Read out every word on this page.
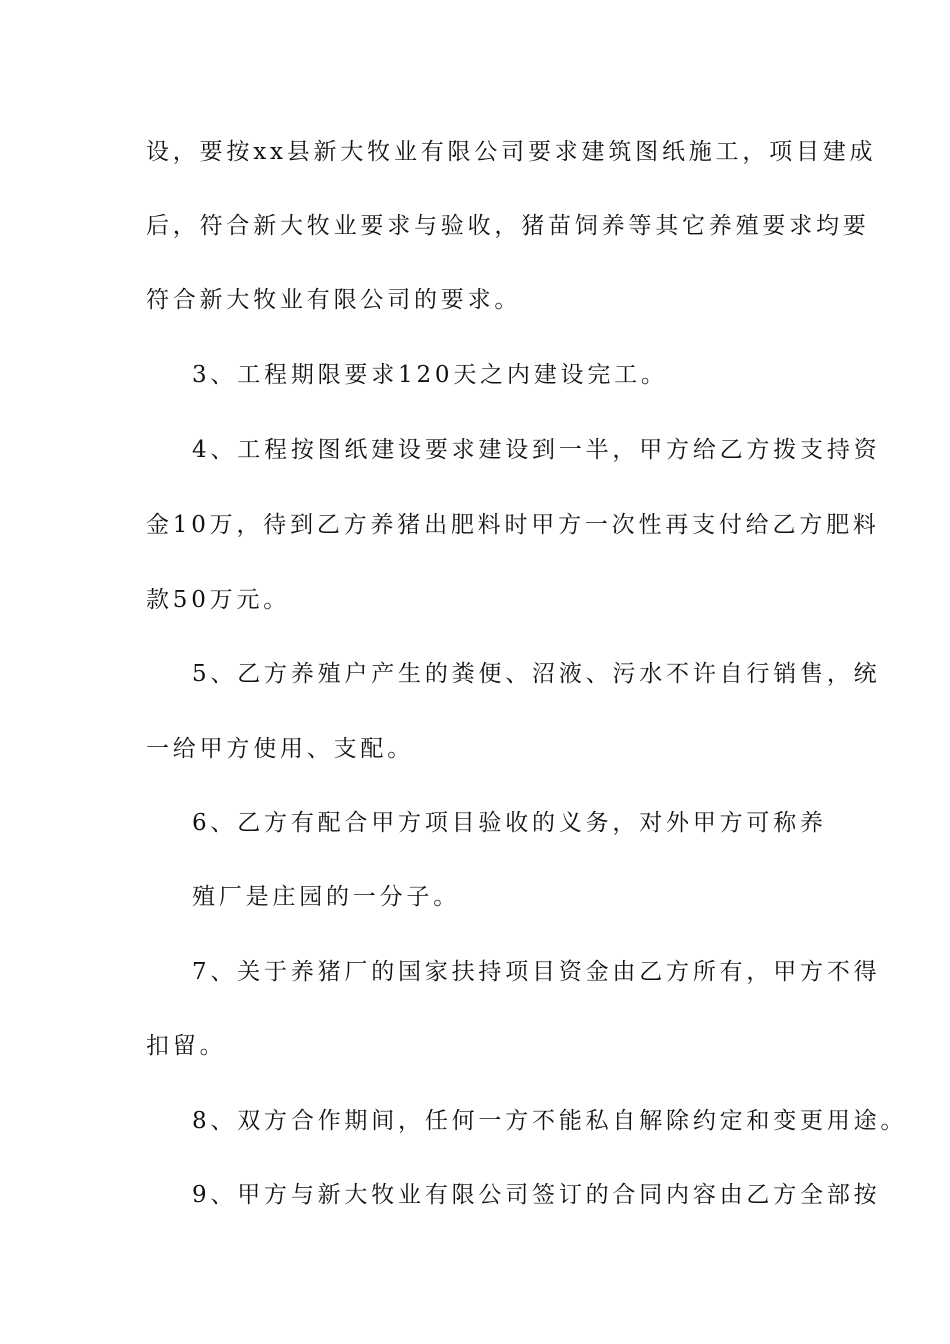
设，要按xx县新大牧业有限公司要求建筑图纸施工，项目建成
后，符合新大牧业要求与验收，猪苗饲养等其它养殖要求均要
符合新大牧业有限公司的要求。
3、工程期限要求120天之内建设完工。
4、工程按图纸建设要求建设到一半，甲方给乙方拨支持资
金10万，待到乙方养猪出肥料时甲方一次性再支付给乙方肥料
款50万元。
5、乙方养殖户产生的粪便、沼液、污水不许自行销售，统
一给甲方使用、支配。
6、乙方有配合甲方项目验收的义务，对外甲方可称养
殖厂是庄园的一分子。
7、关于养猪厂的国家扶持项目资金由乙方所有，甲方不得
扣留。
8、双方合作期间，任何一方不能私自解除约定和变更用途。
9、甲方与新大牧业有限公司签订的合同内容由乙方全部按
